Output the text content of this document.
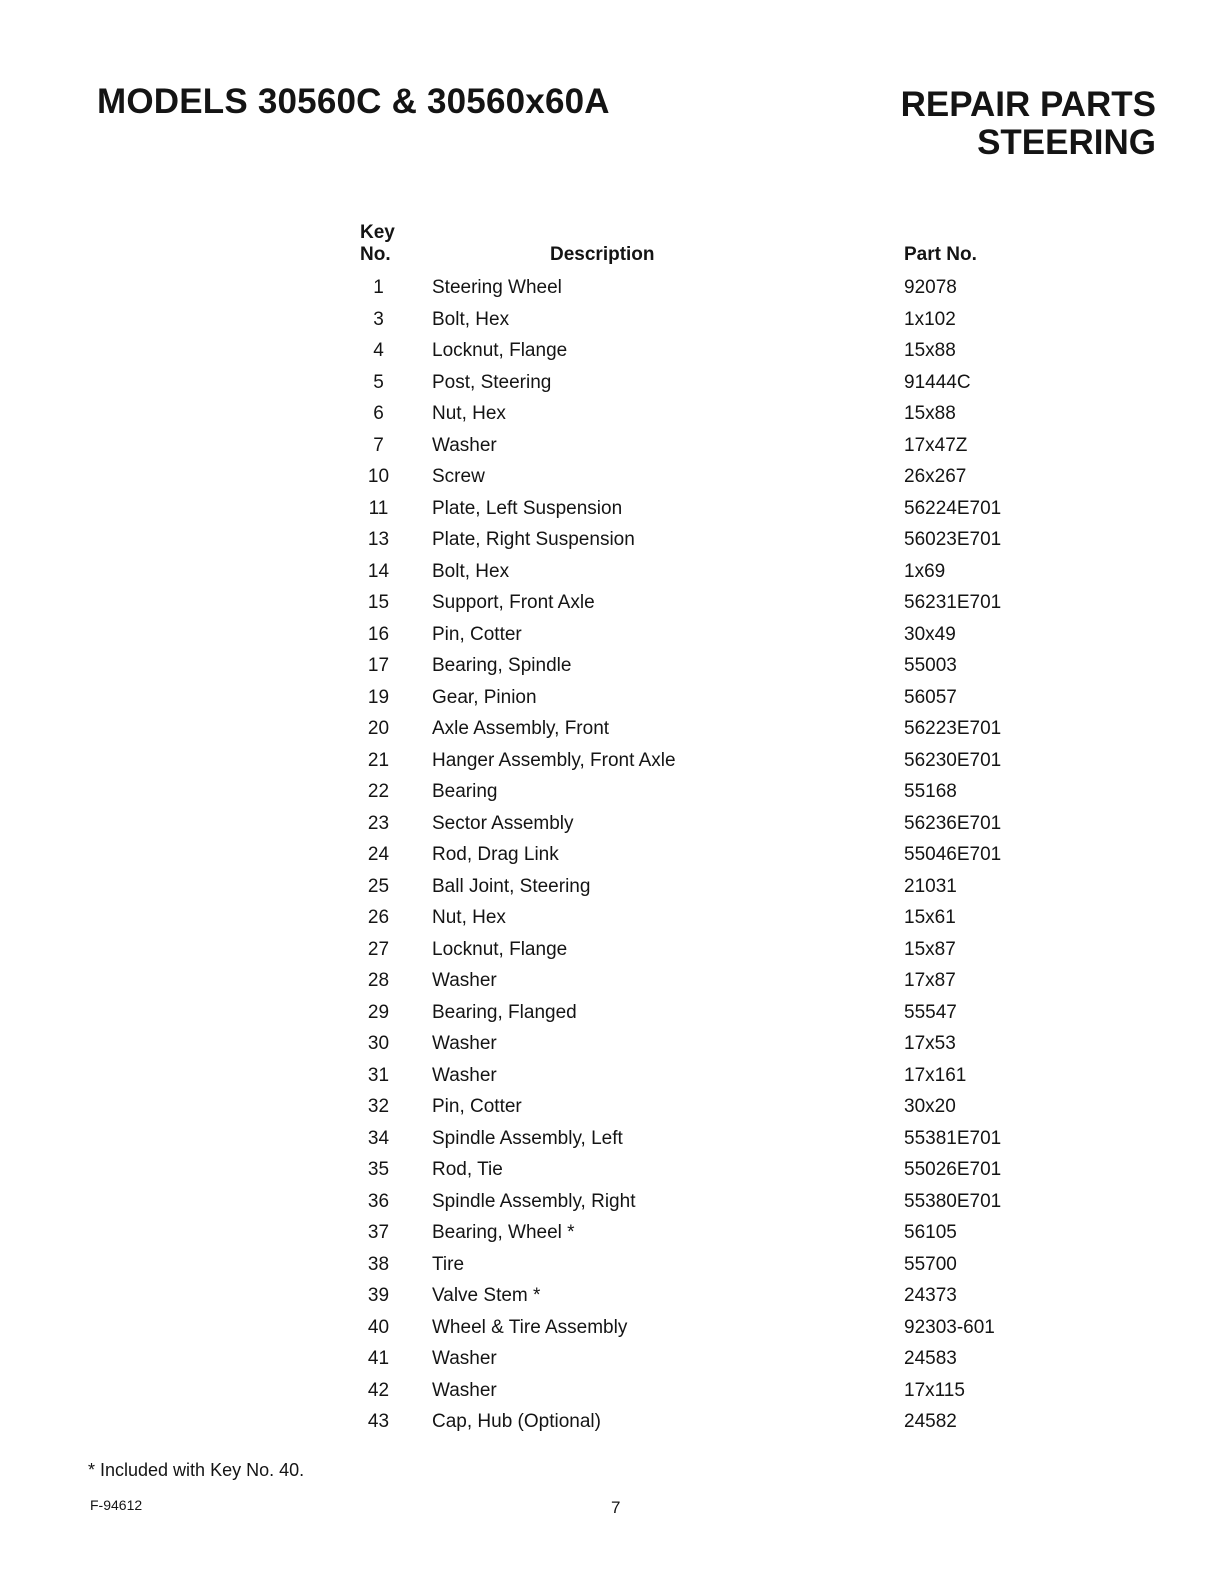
MODELS 30560C & 30560x60A	REPAIR PARTS
STEERING
Key
No.	Description	Part No.
1	Steering Wheel	92078
3	Bolt, Hex	1x102
4	Locknut, Flange	15x88
5	Post, Steering	91444C
6	Nut, Hex	15x88
7	Washer	17x47Z
10	Screw	26x267
11	Plate, Left Suspension	56224E701
13	Plate, Right Suspension	56023E701
14	Bolt, Hex	1x69
15	Support, Front Axle	56231E701
16	Pin, Cotter	30x49
17	Bearing, Spindle	55003
19	Gear, Pinion	56057
20	Axle Assembly, Front	56223E701
21	Hanger Assembly, Front Axle	56230E701
22	Bearing	55168
23	Sector Assembly	56236E701
24	Rod, Drag Link	55046E701
25	Ball Joint, Steering	21031
26	Nut, Hex	15x61
27	Locknut, Flange	15x87
28	Washer	17x87
29	Bearing, Flanged	55547
30	Washer	17x53
31	Washer	17x161
32	Pin, Cotter	30x20
34	Spindle Assembly, Left	55381E701
35	Rod, Tie	55026E701
36	Spindle Assembly, Right	55380E701
37	Bearing, Wheel *	56105
38	Tire	55700
39	Valve Stem *	24373
40	Wheel & Tire Assembly	92303-601
41	Washer	24583
42	Washer	17x115
43	Cap, Hub (Optional)	24582
* Included with Key No. 40.
F-94612	7
